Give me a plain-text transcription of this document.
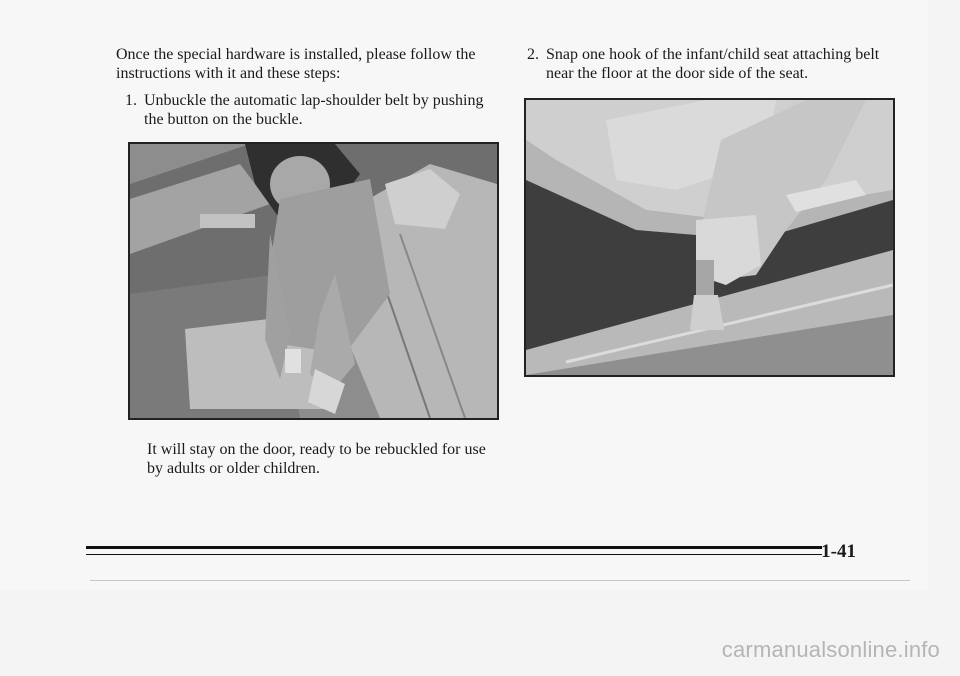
Once the special hardware is installed, please follow the
instructions with it and these steps:

1. Unbuckle the automatic lap-shoulder belt by pushing
the button on the buckle.

It will stay on the door, ready to be rebuckled for use
by adults or older children.

2. Snap one hook of the infant/child seat attaching belt
near the floor at the door side of the seat.
1-41
carmanualsonline.info
